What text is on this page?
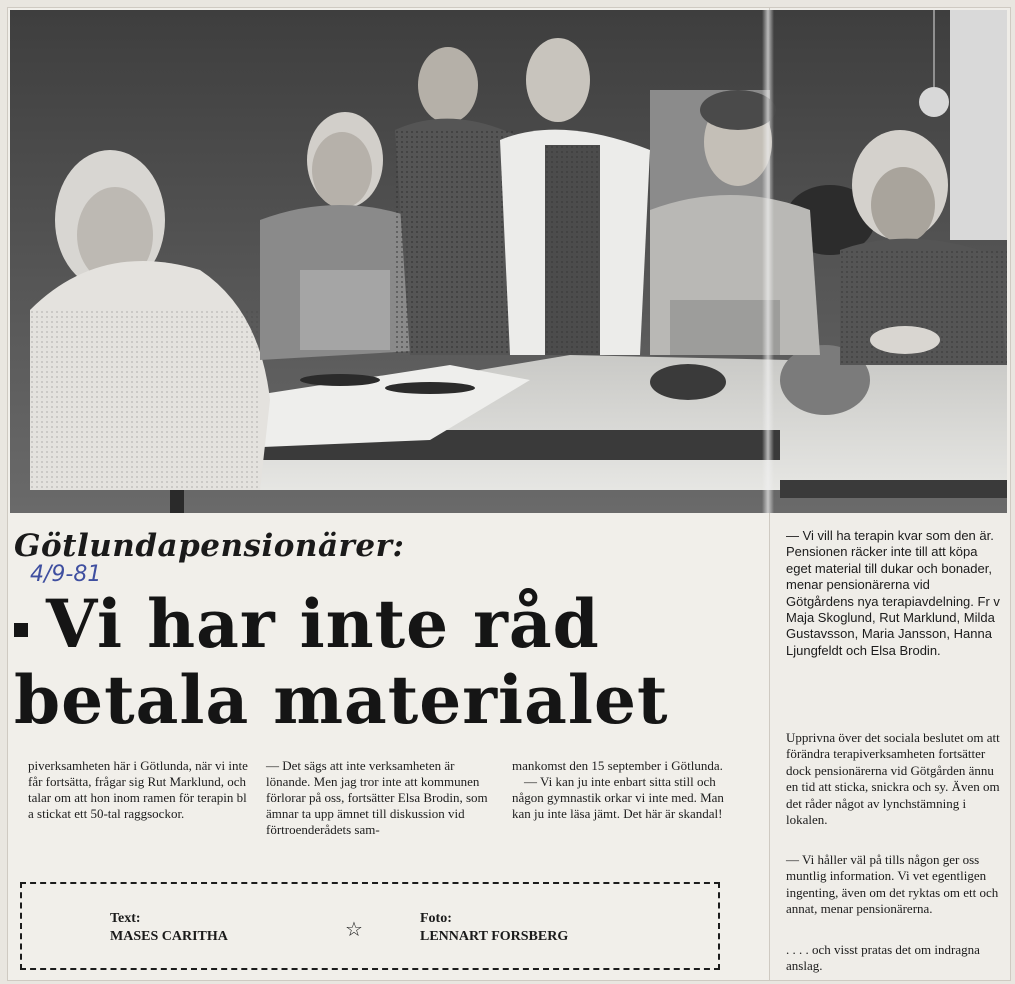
Götlundapensionärer:
4/9-81
Vi har inte råd
betala materialet
piverksamheten här i Götlunda, när vi inte får fortsätta, frågar sig Rut Marklund, och talar om att hon inom ramen för terapin bl a stickat ett 50-tal raggsockor.
— Det sägs att inte verksamheten är lönande. Men jag tror inte att kommunen förlorar på oss, fortsätter Elsa Brodin, som ämnar ta upp ämnet till diskussion vid förtroenderådets sam-

mankomst den 15 september i Götlunda.

— Vi kan ju inte enbart sitta still och någon gymnastik orkar vi inte med. Man kan ju inte läsa jämt. Det här är skandal!

— Vi vill ha terapin kvar som den är. Pensionen räcker inte till att köpa eget material till dukar och bonader, menar pensionärerna vid Götgårdens nya terapiavdelning. Fr v Maja Skoglund, Rut Marklund, Milda Gustavsson, Maria Jansson, Hanna Ljungfeldt och Elsa Brodin.
Upprivna över det sociala beslutet om att förändra terapiverksamheten fortsätter dock pensionärerna vid Götgården ännu en tid att sticka, snickra och sy. Även om det råder något av lynchstämning i lokalen.
— Vi håller väl på tills någon ger oss muntlig information. Vi vet egentligen ingenting, även om det ryktas om ett och annat, menar pensionärerna.
. . . . och visst pratas det om indragna anslag.
Text:
MASES CARITHA	☆	Foto:
LENNART FORSBERG
